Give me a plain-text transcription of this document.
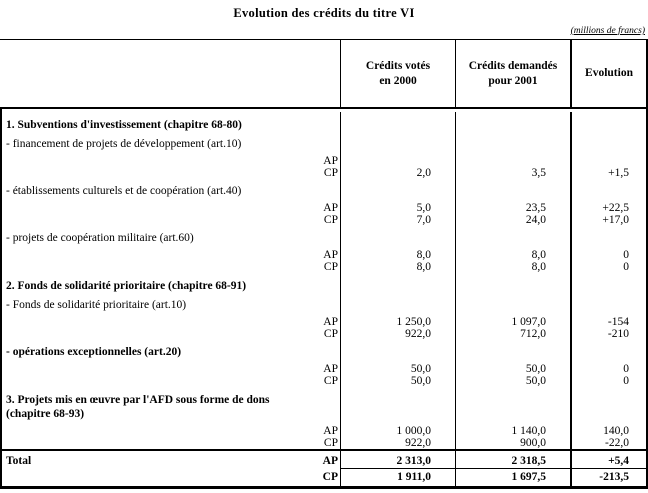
Evolution des crédits du titre VI
(millions de francs)
Crédits votés
en 2000
Crédits demandés
pour 2001
Evolution
1. Subventions d'investissement (chapitre 68-80)
- financement de projets de développement (art.10)
AP
CP	2,0	3,5	+1,5
- établissements culturels et de coopération (art.40)
AP	5,0	23,5	+22,5
CP	7,0	24,0	+17,0
- projets de coopération militaire (art.60)
AP	8,0	8,0	0
CP	8,0	8,0	0
2. Fonds de solidarité prioritaire (chapitre 68-91)
- Fonds de solidarité prioritaire (art.10)
AP	1 250,0	1 097,0	-154
CP	922,0	712,0	-210
- opérations exceptionnelles (art.20)
AP	50,0	50,0	0
CP	50,0	50,0	0
3. Projets mis en œuvre par l'AFD sous forme de dons
(chapitre 68-93)
AP	1 000,0	1 140,0	140,0
CP	922,0	900,0	-22,0
Total	AP	2 313,0	2 318,5	+5,4
CP	1 911,0	1 697,5	-213,5
